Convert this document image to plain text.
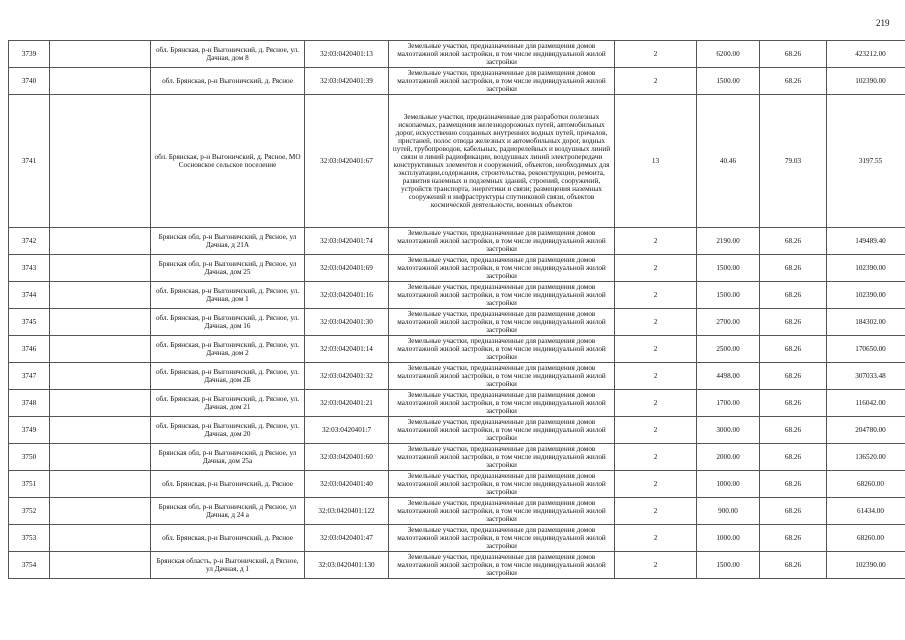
219
3739		обл. Брянская, р-н Выгоничский, д. Рясное, ул. Дачная, дом 8	32:03:0420401:13	Земельные участки, предназначенные для размещения домов малоэтажной жилой застройки, в том числе индивидуальной жилой застройки	2	6200.00	68.26	423212.00
3740		обл. Брянская, р-н Выгоничский, д. Рясное	32:03:0420401:39	Земельные участки, предназначенные для размещения домов малоэтажной жилой застройки, в том числе индивидуальной жилой застройки	2	1500.00	68.26	102390.00
3741		обл. Брянская, р-н Выгоничский, д. Рясное, МО Сосновское сельское поселение	32:03:0420401:67	Земельные участки, предназначенные для разработки полезных ископаемых, размещения железнодорожных путей, автомобильных дорог, искусственно созданных внутренних водных путей, причалов, пристаней, полос отвода железных и автомобильных дорог, водных путей, трубопроводов, кабельных, радиорелейных и воздушных линий связи и линий радиофикации, воздушных линий электропередачи конструктивных элементов и сооружений, объектов, необходимых для эксплуатации,содержания, строительства, реконструкции, ремонта, развития наземных и подземных зданий, строений, сооружений, устройств транспорта, энергетики и связи; размещения наземных сооружений и инфраструктуры спутниковой связи, объектов космической деятельности, военных объектов	13	40.46	79.03	3197.55
3742		Брянская обл, р-н Выгоничский, д Рясное, ул Дачная, д 21А	32:03:0420401:74	Земельные участки, предназначенные для размещения домов малоэтажной жилой застройки, в том числе индивидуальной жилой застройки	2	2190.00	68.26	149489.40
3743		Брянская обл, р-н Выгоничский, д Рясное, ул Дачная, дом 25	32:03:0420401:69	Земельные участки, предназначенные для размещения домов малоэтажной жилой застройки, в том числе индивидуальной жилой застройки	2	1500.00	68.26	102390.00
3744		обл. Брянская, р-н Выгоничский, д. Рясное, ул. Дачная, дом 1	32:03:0420401:16	Земельные участки, предназначенные для размещения домов малоэтажной жилой застройки, в том числе индивидуальной жилой застройки	2	1500.00	68.26	102390.00
3745		обл. Брянская, р-н Выгоничский, д. Рясное, ул. Дачная, дом 16	32:03:0420401:30	Земельные участки, предназначенные для размещения домов малоэтажной жилой застройки, в том числе индивидуальной жилой застройки	2	2700.00	68.26	184302.00
3746		обл. Брянская, р-н Выгоничский, д. Рясное, ул. Дачная, дом 2	32:03:0420401:14	Земельные участки, предназначенные для размещения домов малоэтажной жилой застройки, в том числе индивидуальной жилой застройки	2	2500.00	68.26	170650.00
3747		обл. Брянская, р-н Выгоничский, д. Рясное, ул. Дачная, дом 2Б	32:03:0420401:32	Земельные участки, предназначенные для размещения домов малоэтажной жилой застройки, в том числе индивидуальной жилой застройки	2	4498.00	68.26	307033.48
3748		обл. Брянская, р-н Выгоничский, д. Рясное, ул. Дачная, дом 21	32:03:0420401:21	Земельные участки, предназначенные для размещения домов малоэтажной жилой застройки, в том числе индивидуальной жилой застройки	2	1700.00	68.26	116042.00
3749		обл. Брянская, р-н Выгоничский, д. Рясное, ул. Дачная, дом 20	32:03:0420401:7	Земельные участки, предназначенные для размещения домов малоэтажной жилой застройки, в том числе индивидуальной жилой застройки	2	3000.00	68.26	204780.00
3750		Брянская обл, р-н Выгоничский, д Рясное, ул Дачная, дом 25а	32:03:0420401:60	Земельные участки, предназначенные для размещения домов малоэтажной жилой застройки, в том числе индивидуальной жилой застройки	2	2000.00	68.26	136520.00
3751		обл. Брянская, р-н Выгоничский, д. Рясное	32:03:0420401:40	Земельные участки, предназначенные для размещения домов малоэтажной жилой застройки, в том числе индивидуальной жилой застройки	2	1000.00	68.26	68260.00
3752		Брянская обл, р-н Выгоничский, д Рясное, ул Дачная, д 24 а	32:03:0420401:122	Земельные участки, предназначенные для размещения домов малоэтажной жилой застройки, в том числе индивидуальной жилой застройки	2	900.00	68.26	61434.00
3753		обл. Брянская, р-н Выгоничский, д. Рясное	32:03:0420401:47	Земельные участки, предназначенные для размещения домов малоэтажной жилой застройки, в том числе индивидуальной жилой застройки	2	1000.00	68.26	68260.00
3754		Брянская область, р-н Выгоничский, д Рясное, ул Дачная, д 1	32:03:0420401:130	Земельные участки, предназначенные для размещения домов малоэтажной жилой застройки, в том числе индивидуальной жилой застройки	2	1500.00	68.26	102390.00
